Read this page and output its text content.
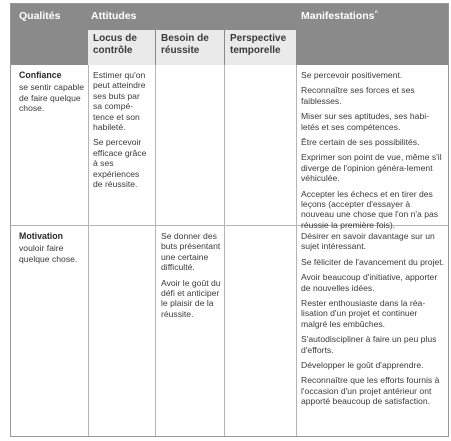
Qualités	Attitudes	Manifestations^
Locus de contrôle
Besoin de réussite
Perspective temporelle
Confiance
se sentir capable de faire quelque chose.

Estimer qu'on peut atteindre ses buts par sa compé-tence et son habileté.

Se percevoir efficace grâce à ses expériences de réussite.

Se percevoir positivement.

Reconnaître ses forces et ses faiblesses.

Miser sur ses aptitudes, ses habi-letés et ses compétences.

Être certain de ses possibilités.

Exprimer son point de vue, même s'il diverge de l'opinion généra-lement véhiculée.

Accepter les échecs et en tirer des leçons (accepter d'essayer à nouveau une chose que l'on n'a pas réussie la première fois).

Motivation
vouloir faire quelque chose.

Se donner des buts présentant une certaine difficulté.

Avoir le goût du défi et anticiper le plaisir de la réussite.

Désirer en savoir davantage sur un sujet intéressant.

Se féliciter de l'avancement du projet.

Avoir beaucoup d'initiative, apporter de nouvelles idées.

Rester enthousiaste dans la réa-lisation d'un projet et continuer malgré les embûches.

S'autodiscipliner à faire un peu plus d'efforts.

Développer le goût d'apprendre.

Reconnaître que les efforts fournis à l'occasion d'un projet antérieur ont apporté beaucoup de satisfaction.
